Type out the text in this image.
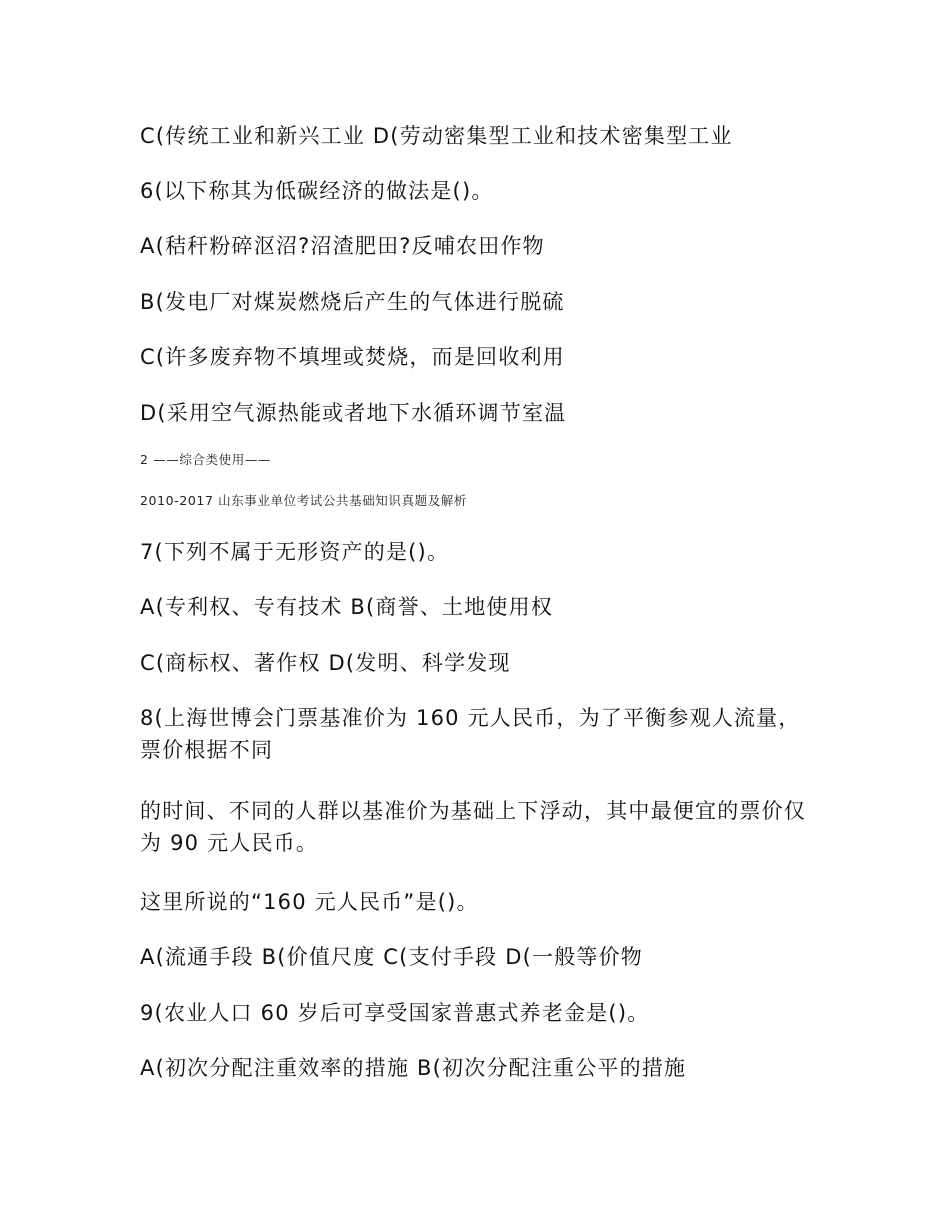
C(传统工业和新兴工业 D(劳动密集型工业和技术密集型工业
6(以下称其为低碳经济的做法是()。
A(秸秆粉碎沤沼?沼渣肥田?反哺农田作物
B(发电厂对煤炭燃烧后产生的气体进行脱硫
C(许多废弃物不填埋或焚烧，而是回收利用
D(采用空气源热能或者地下水循环调节室温
2 ——综合类使用——
2010-2017 山东事业单位考试公共基础知识真题及解析
7(下列不属于无形资产的是()。
A(专利权、专有技术 B(商誉、土地使用权
C(商标权、著作权 D(发明、科学发现
8(上海世博会门票基准价为 160 元人民币，为了平衡参观人流量，票价根据不同
的时间、不同的人群以基准价为基础上下浮动，其中最便宜的票价仅为 90 元人民币。
这里所说的“160 元人民币”是()。
A(流通手段 B(价值尺度 C(支付手段 D(一般等价物
9(农业人口 60 岁后可享受国家普惠式养老金是()。
A(初次分配注重效率的措施 B(初次分配注重公平的措施
